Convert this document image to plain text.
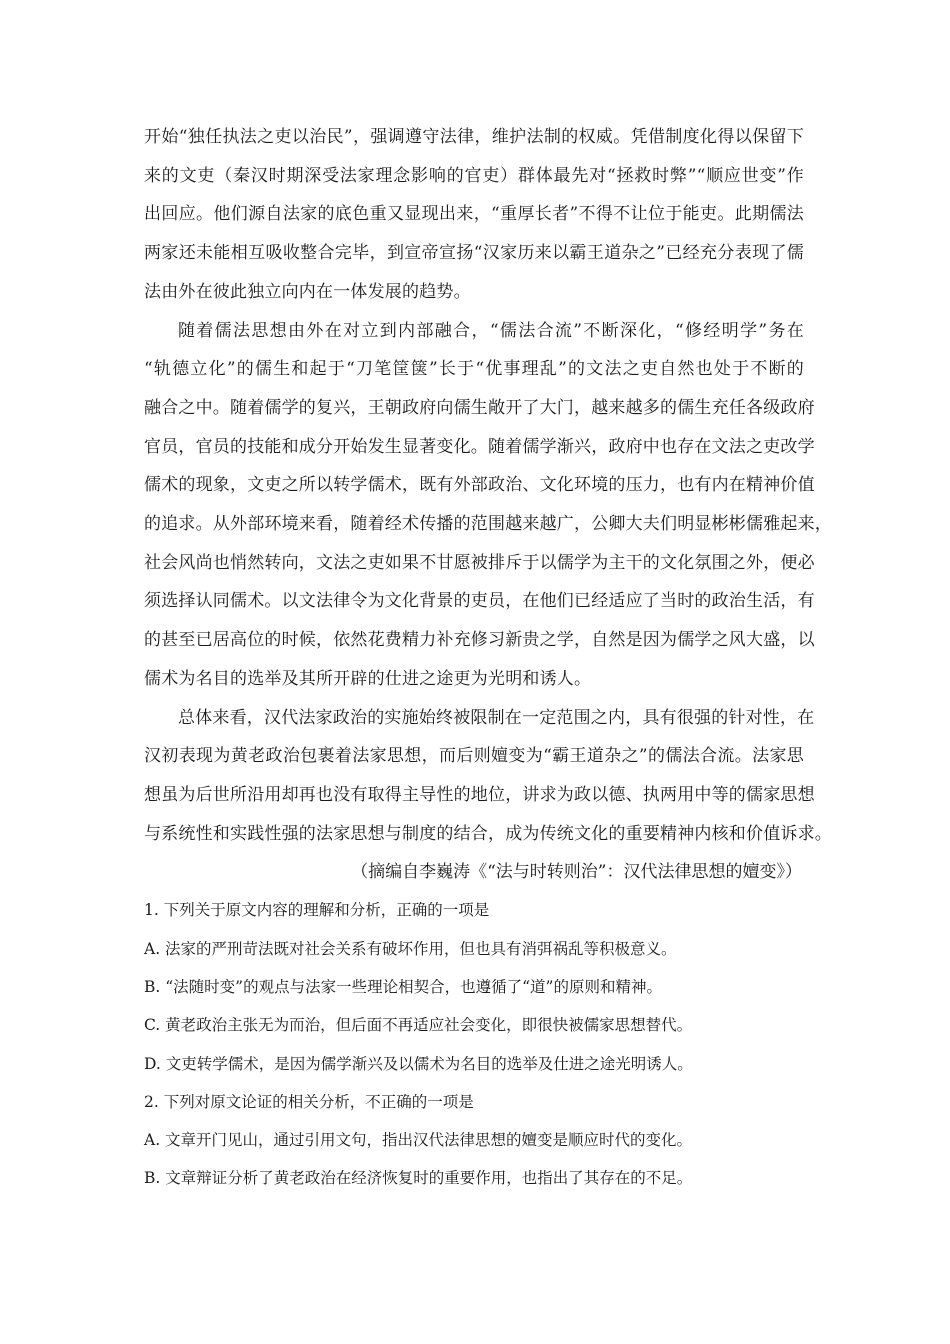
开始“独任执法之吏以治民”，强调遵守法律，维护法制的权威。凭借制度化得以保留下

来的文吏（秦汉时期深受法家理念影响的官吏）群体最先对“拯救时弊”“顺应世变”作

出回应。他们源自法家的底色重又显现出来，“重厚长者”不得不让位于能吏。此期儒法

两家还未能相互吸收整合完毕，到宣帝宣扬“汉家历来以霸王道杂之”已经充分表现了儒

法由外在彼此独立向内在一体发展的趋势。

随着儒法思想由外在对立到内部融合，“儒法合流”不断深化，“修经明学”务在

“轨德立化”的儒生和起于“刀笔筐箧”长于“优事理乱”的文法之吏自然也处于不断的

融合之中。随着儒学的复兴，王朝政府向儒生敞开了大门，越来越多的儒生充任各级政府

官员，官员的技能和成分开始发生显著变化。随着儒学渐兴，政府中也存在文法之吏改学

儒术的现象，文吏之所以转学儒术，既有外部政治、文化环境的压力，也有内在精神价值

的追求。从外部环境来看，随着经术传播的范围越来越广，公卿大夫们明显彬彬儒雅起来，

社会风尚也悄然转向，文法之吏如果不甘愿被排斥于以儒学为主干的文化氛围之外，便必

须选择认同儒术。以文法律令为文化背景的吏员，在他们已经适应了当时的政治生活，有

的甚至已居高位的时候，依然花费精力补充修习新贵之学，自然是因为儒学之风大盛，以

儒术为名目的选举及其所开辟的仕进之途更为光明和诱人。

总体来看，汉代法家政治的实施始终被限制在一定范围之内，具有很强的针对性，在

汉初表现为黄老政治包裹着法家思想，而后则嬗变为“霸王道杂之”的儒法合流。法家思

想虽为后世所沿用却再也没有取得主导性的地位，讲求为政以德、执两用中等的儒家思想

与系统性和实践性强的法家思想与制度的结合，成为传统文化的重要精神内核和价值诉求。

（摘编自李巍涛《“法与时转则治”：汉代法律思想的嬗变》）

1. 下列关于原文内容的理解和分析，正确的一项是

A. 法家的严刑苛法既对社会关系有破坏作用，但也具有消弭祸乱等积极意义。

B. “法随时变”的观点与法家一些理论相契合，也遵循了“道”的原则和精神。

C. 黄老政治主张无为而治，但后面不再适应社会变化，即很快被儒家思想替代。

D. 文吏转学儒术，是因为儒学渐兴及以儒术为名目的选举及仕进之途光明诱人。

2. 下列对原文论证的相关分析，不正确的一项是

A. 文章开门见山，通过引用文句，指出汉代法律思想的嬗变是顺应时代的变化。

B. 文章辩证分析了黄老政治在经济恢复时的重要作用，也指出了其存在的不足。
